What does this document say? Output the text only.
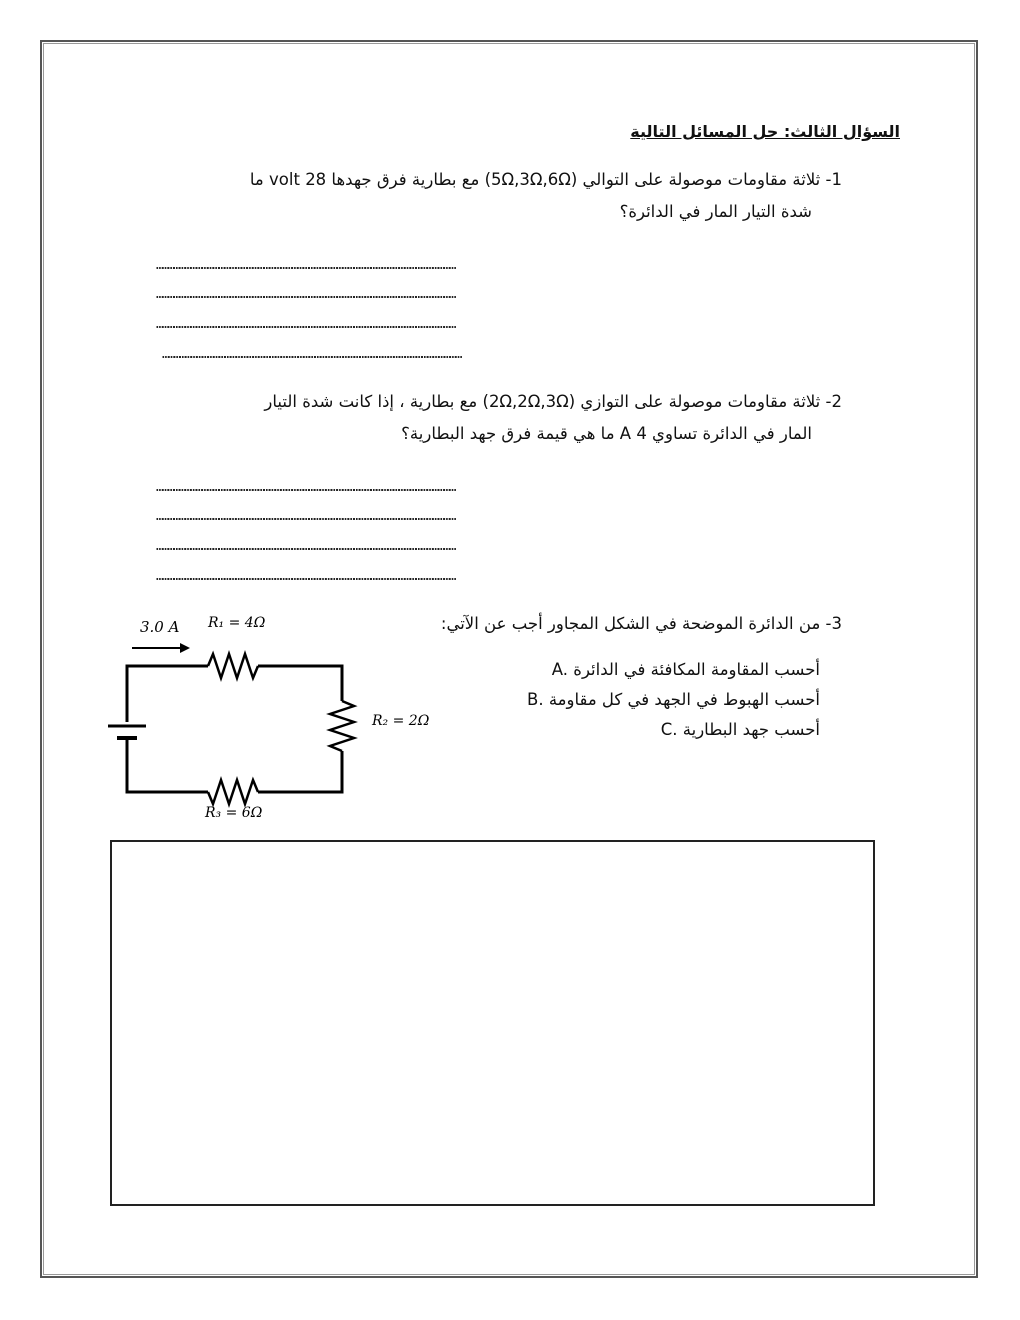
السؤال الثالث: حل المسائل التالية
1- ثلاثة مقاومات موصولة على التوالي (5Ω,3Ω,6Ω) مع بطارية فرق جهدها 28 volt ما
شدة التيار المار في الدائرة؟
……………………………………………………………………………………………………………………………………………
……………………………………………………………………………………………………………………………………………
……………………………………………………………………………………………………………………………………………
……………………………………………………………………………………………………………………………………………
2- ثلاثة مقاومات موصولة على التوازي (2Ω,2Ω,3Ω) مع بطارية ، إذا كانت شدة التيار
المار في الدائرة تساوي A 4 ما هي قيمة فرق جهد البطارية؟
……………………………………………………………………………………………………………………………………………
……………………………………………………………………………………………………………………………………………
……………………………………………………………………………………………………………………………………………
……………………………………………………………………………………………………………………………………………
3- من الدائرة الموضحة في الشكل المجاور أجب عن الآتي:
A. أحسب المقاومة المكافئة في الدائرة
B. أحسب الهبوط في الجهد في كل مقاومة
C. أحسب جهد البطارية
3.0 A R₁ = 4Ω
R₂ = 2Ω
R₃ = 6Ω
